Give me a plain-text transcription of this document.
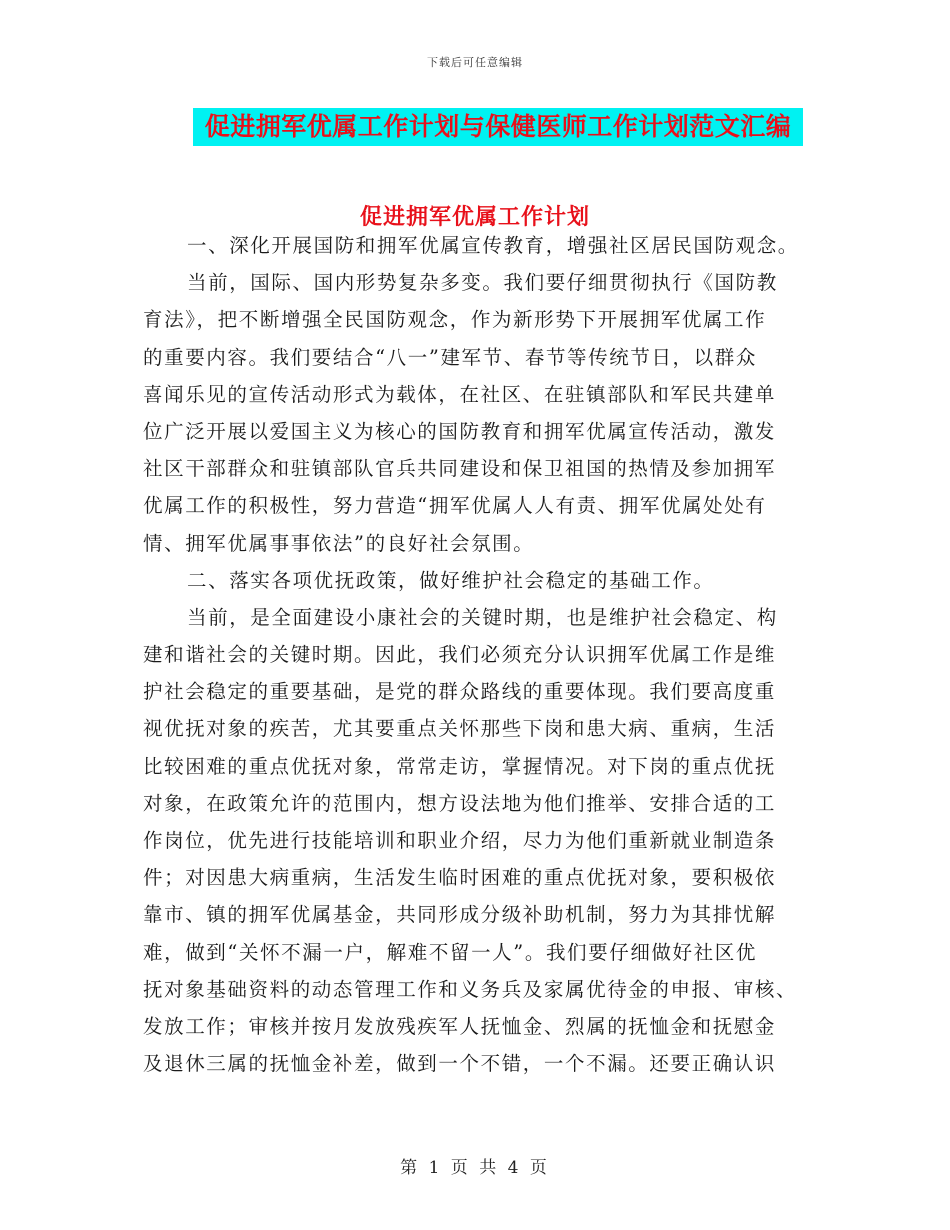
下载后可任意编辑
促进拥军优属工作计划与保健医师工作计划范文汇编
促进拥军优属工作计划
一、深化开展国防和拥军优属宣传教育，增强社区居民国防观念。
当前，国际、国内形势复杂多变。我们要仔细贯彻执行《国防教
育法》，把不断增强全民国防观念，作为新形势下开展拥军优属工作
的重要内容。我们要结合“八一”建军节、春节等传统节日，以群众
喜闻乐见的宣传活动形式为载体，在社区、在驻镇部队和军民共建单
位广泛开展以爱国主义为核心的国防教育和拥军优属宣传活动，激发
社区干部群众和驻镇部队官兵共同建设和保卫祖国的热情及参加拥军
优属工作的积极性，努力营造“拥军优属人人有责、拥军优属处处有
情、拥军优属事事依法”的良好社会氛围。
二、落实各项优抚政策，做好维护社会稳定的基础工作。
当前，是全面建设小康社会的关键时期，也是维护社会稳定、构
建和谐社会的关键时期。因此，我们必须充分认识拥军优属工作是维
护社会稳定的重要基础，是党的群众路线的重要体现。我们要高度重
视优抚对象的疾苦，尤其要重点关怀那些下岗和患大病、重病，生活
比较困难的重点优抚对象，常常走访，掌握情况。对下岗的重点优抚
对象，在政策允许的范围内，想方设法地为他们推举、安排合适的工
作岗位，优先进行技能培训和职业介绍，尽力为他们重新就业制造条
件；对因患大病重病，生活发生临时困难的重点优抚对象，要积极依
靠市、镇的拥军优属基金，共同形成分级补助机制，努力为其排忧解
难，做到“关怀不漏一户，解难不留一人”。我们要仔细做好社区优
抚对象基础资料的动态管理工作和义务兵及家属优待金的申报、审核、
发放工作；审核并按月发放残疾军人抚恤金、烈属的抚恤金和抚慰金
及退休三属的抚恤金补差，做到一个不错，一个不漏。还要正确认识
第 1 页 共 4 页
